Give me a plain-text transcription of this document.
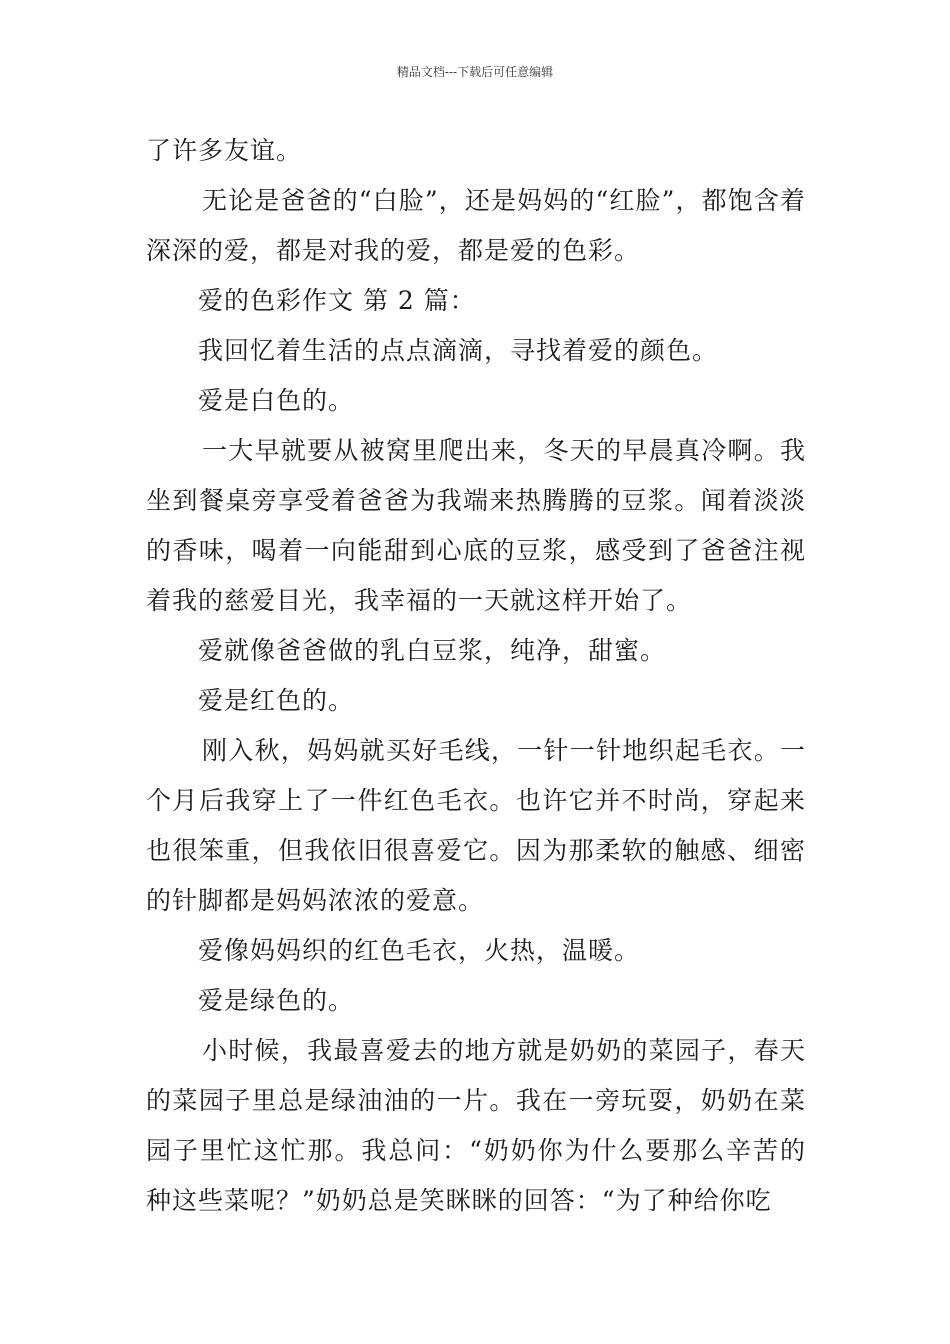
精品文档---下载后可任意编辑

了许多友谊。

无论是爸爸的“白脸”，还是妈妈的“红脸”，都饱含着深深的爱，都是对我的爱，都是爱的色彩。

爱的色彩作文 第 2 篇：

我回忆着生活的点点滴滴，寻找着爱的颜色。

爱是白色的。

一大早就要从被窝里爬出来，冬天的早晨真冷啊。我坐到餐桌旁享受着爸爸为我端来热腾腾的豆浆。闻着淡淡的香味，喝着一向能甜到心底的豆浆，感受到了爸爸注视着我的慈爱目光，我幸福的一天就这样开始了。

爱就像爸爸做的乳白豆浆，纯净，甜蜜。

爱是红色的。

刚入秋，妈妈就买好毛线，一针一针地织起毛衣。一个月后我穿上了一件红色毛衣。也许它并不时尚，穿起来也很笨重，但我依旧很喜爱它。因为那柔软的触感、细密的针脚都是妈妈浓浓的爱意。

爱像妈妈织的红色毛衣，火热，温暖。

爱是绿色的。

小时候，我最喜爱去的地方就是奶奶的菜园子，春天的菜园子里总是绿油油的一片。我在一旁玩耍，奶奶在菜园子里忙这忙那。我总问：“奶奶你为什么要那么辛苦的种这些菜呢？”奶奶总是笑眯眯的回答：“为了种给你吃
